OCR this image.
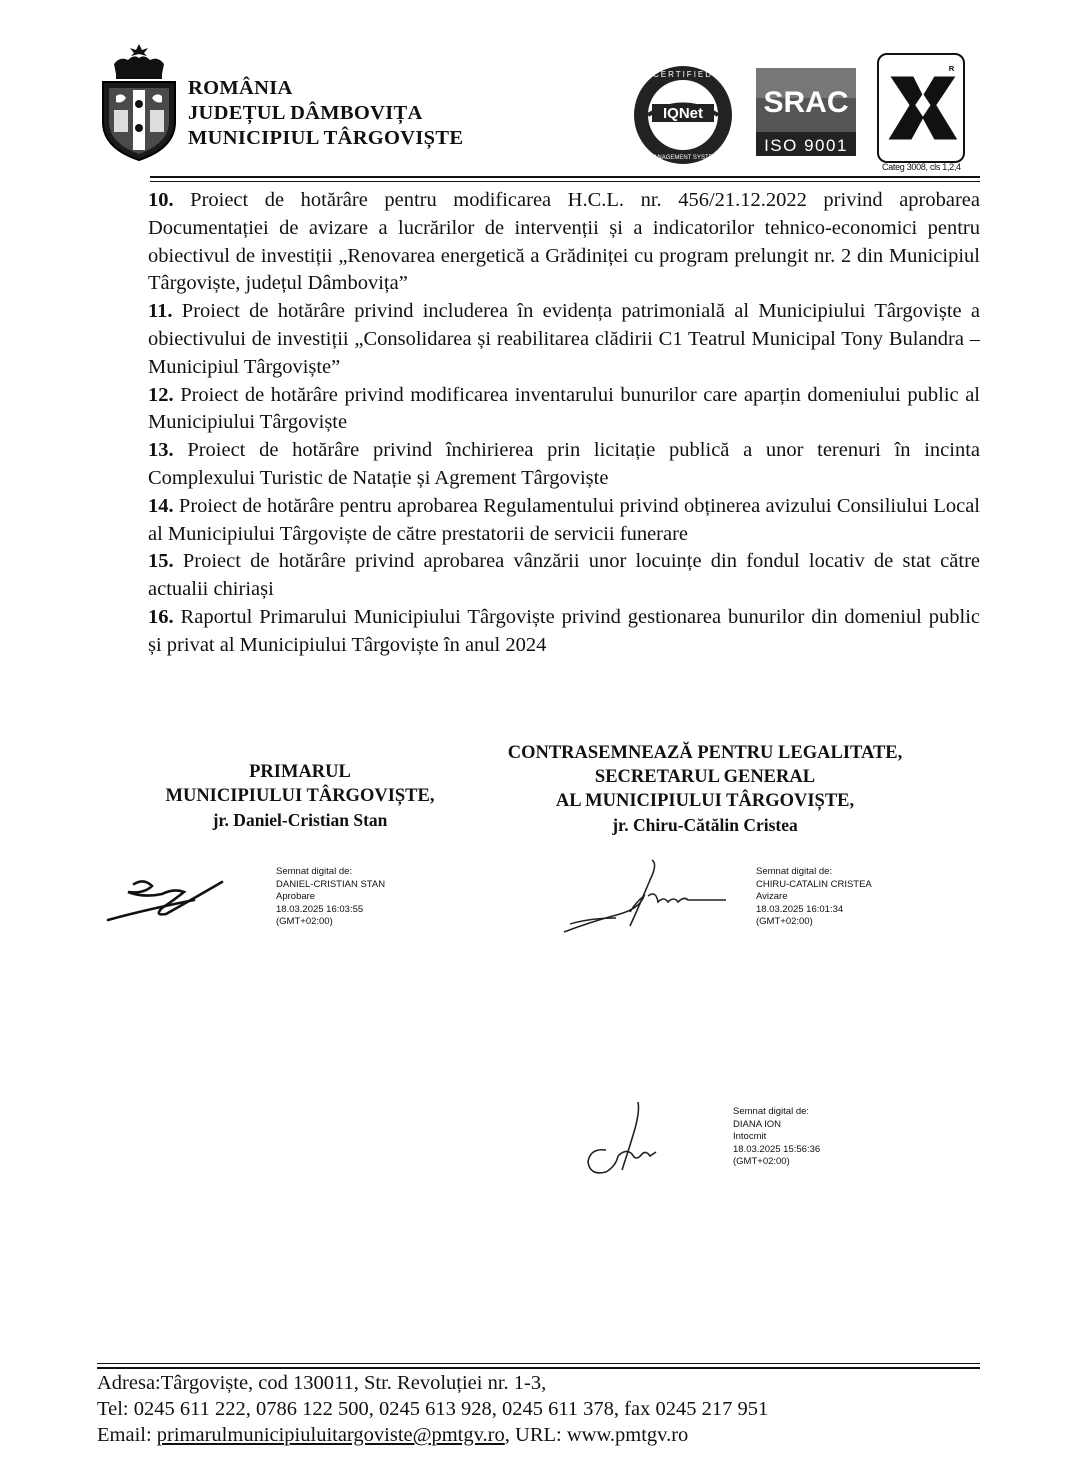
ROMÂNIA
JUDEȚUL DÂMBOVIȚA
MUNICIPIUL TÂRGOVIȘTE
IQNet
CERTIFIED
MANAGEMENT SYSTEM
SRAC
ISO 9001
R
Categ 3008, cls 1,2,4
10. Proiect de hotărâre pentru modificarea H.C.L. nr. 456/21.12.2022 privind aprobarea Documentației de avizare a lucrărilor de intervenții și a indicatorilor tehnico-economici pentru obiectivul de investiții „Renovarea energetică a Grădiniței cu program prelungit nr. 2 din Municipiul Târgoviște, județul Dâmbovița”
11. Proiect de hotărâre privind includerea în evidența patrimonială al Municipiului Târgoviște a obiectivului de investiții „Consolidarea și reabilitarea clădirii C1 Teatrul Municipal Tony Bulandra – Municipiul Târgoviște”
12. Proiect de hotărâre privind modificarea inventarului bunurilor care aparțin domeniului public al Municipiului Târgoviște
13. Proiect de hotărâre privind închirierea prin licitație publică a unor terenuri în incinta Complexului Turistic de Natație și Agrement Târgoviște
14. Proiect de hotărâre pentru aprobarea Regulamentului privind obținerea avizului Consiliului Local al Municipiului Târgoviște de către prestatorii de servicii funerare
15. Proiect de hotărâre privind aprobarea vânzării unor locuințe din fondul locativ de stat către actualii chiriași
16. Raportul Primarului Municipiului Târgoviște privind gestionarea bunurilor din domeniul public și privat al Municipiului Târgoviște în anul 2024
PRIMARUL
MUNICIPIULUI TÂRGOVIȘTE,
jr. Daniel-Cristian Stan
CONTRASEMNEAZĂ PENTRU LEGALITATE,
SECRETARUL GENERAL
AL MUNICIPIULUI TÂRGOVIȘTE,
jr. Chiru-Cătălin Cristea
Semnat digital de:
DANIEL-CRISTIAN STAN
Aprobare
18.03.2025 16:03:55
(GMT+02:00)
Semnat digital de:
CHIRU-CATALIN CRISTEA
Avizare
18.03.2025 16:01:34
(GMT+02:00)
Semnat digital de:
DIANA ION
Intocmit
18.03.2025 15:56:36
(GMT+02:00)
Adresa:Târgoviște, cod 130011, Str. Revoluției nr. 1-3,
Tel: 0245 611 222, 0786 122 500, 0245 613 928, 0245 611 378, fax 0245 217 951
Email: primarulmunicipiuluitargoviste@pmtgv.ro, URL: www.pmtgv.ro
